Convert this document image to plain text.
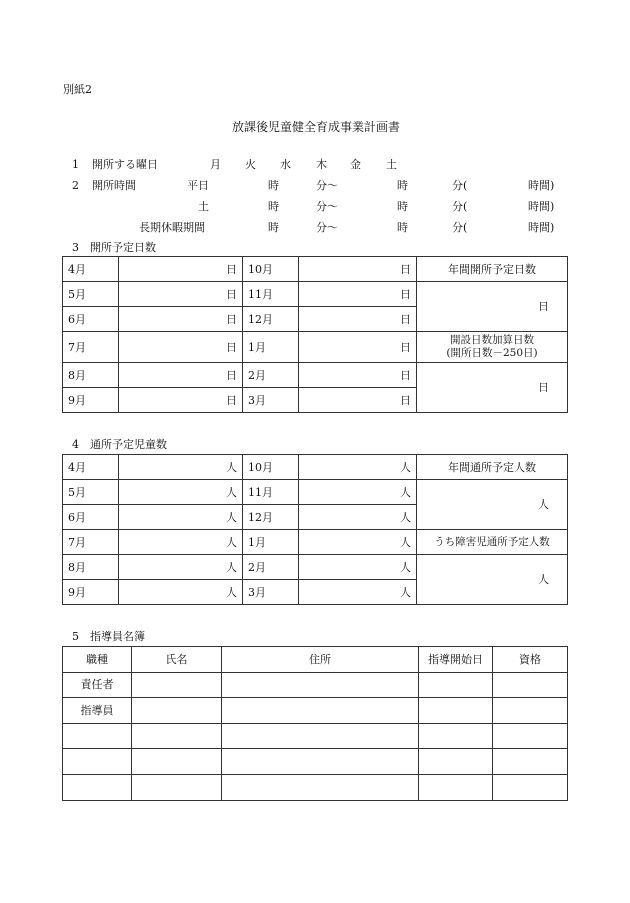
別紙2
放課後児童健全育成事業計画書
1 開所する曜日	月 火 水 木 金 土
2 開所時間	平日	時	分～	時	分(	時間)
土	時	分～	時	分(	時間)
長期休暇期間	時	分～	時	分(	時間)
3　開所予定日数
4月	日	10月	日	年間開所予定日数
5月	日	11月	日	日
6月	日	12月	日	
7月	日	1月	日	開設日数加算日数
(開所日数－250日)

8月	日	2月	日	日
9月	日	3月	日	
4　通所予定児童数
4月	人	10月	人	年間通所予定人数
5月	人	11月	人	人
6月	人	12月	人	
7月	人	1月	人	うち障害児通所予定人数
8月	人	2月	人	人
9月	人	3月	人	
5　指導員名簿
職種	氏名	住所	指導開始日	資格
責任者				
指導員				
